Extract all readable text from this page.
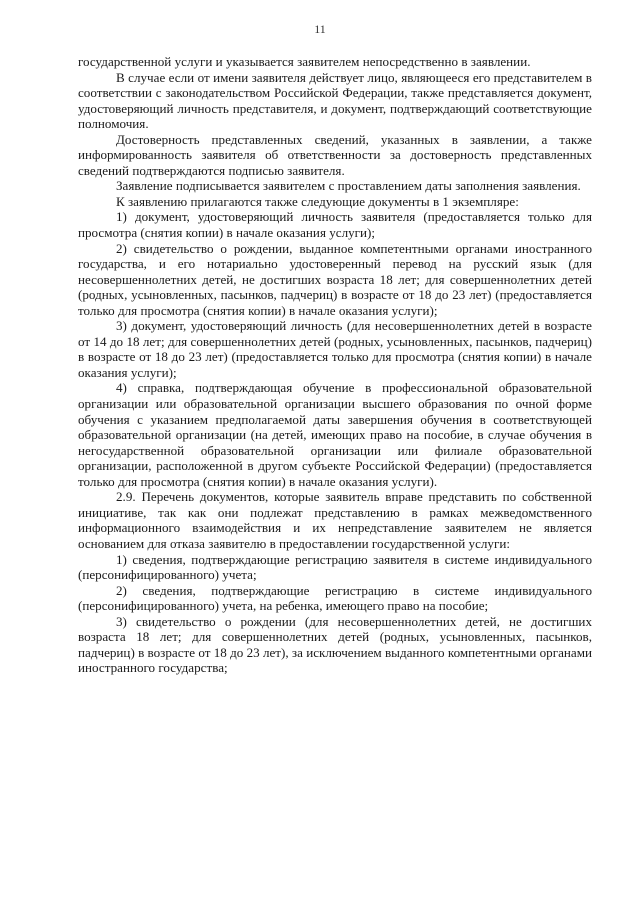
11

государственной услуги и указывается заявителем непосредственно в заявлении.

В случае если от имени заявителя действует лицо, являющееся его представителем в соответствии с законодательством Российской Федерации, также представляется документ, удостоверяющий личность представителя, и документ, подтверждающий соответствующие полномочия.

Достоверность представленных сведений, указанных в заявлении, а также информированность заявителя об ответственности за достоверность представленных сведений подтверждаются подписью заявителя.

Заявление подписывается заявителем с проставлением даты заполнения заявления.

К заявлению прилагаются также следующие документы в 1 экземпляре:

1) документ, удостоверяющий личность заявителя (предоставляется только для просмотра (снятия копии) в начале оказания услуги);

2) свидетельство о рождении, выданное компетентными органами иностранного государства, и его нотариально удостоверенный перевод на русский язык (для несовершеннолетних детей, не достигших возраста 18 лет; для совершеннолетних детей (родных, усыновленных, пасынков, падчериц) в возрасте от 18 до 23 лет) (предоставляется только для просмотра (снятия копии) в начале оказания услуги);

3) документ, удостоверяющий личность (для несовершеннолетних детей в возрасте от 14 до 18 лет; для совершеннолетних детей (родных, усыновленных, пасынков, падчериц) в возрасте от 18 до 23 лет) (предоставляется только для просмотра (снятия копии) в начале оказания услуги);

4) справка, подтверждающая обучение в профессиональной образовательной организации или образовательной организации высшего образования по очной форме обучения с указанием предполагаемой даты завершения обучения в соответствующей образовательной организации (на детей, имеющих право на пособие, в случае обучения в негосударственной образовательной организации или филиале образовательной организации, расположенной в другом субъекте Российской Федерации) (предоставляется только для просмотра (снятия копии) в начале оказания услуги).

2.9. Перечень документов, которые заявитель вправе представить по собственной инициативе, так как они подлежат представлению в рамках межведомственного информационного взаимодействия и их непредставление заявителем не является основанием для отказа заявителю в предоставлении государственной услуги:

1) сведения, подтверждающие регистрацию заявителя в системе индивидуального (персонифицированного) учета;

2) сведения, подтверждающие регистрацию в системе индивидуального (персонифицированного) учета, на ребенка, имеющего право на пособие;

3) свидетельство о рождении (для несовершеннолетних детей, не достигших возраста 18 лет; для совершеннолетних детей (родных, усыновленных, пасынков, падчериц) в возрасте от 18 до 23 лет), за исключением выданного компетентными органами иностранного государства;
